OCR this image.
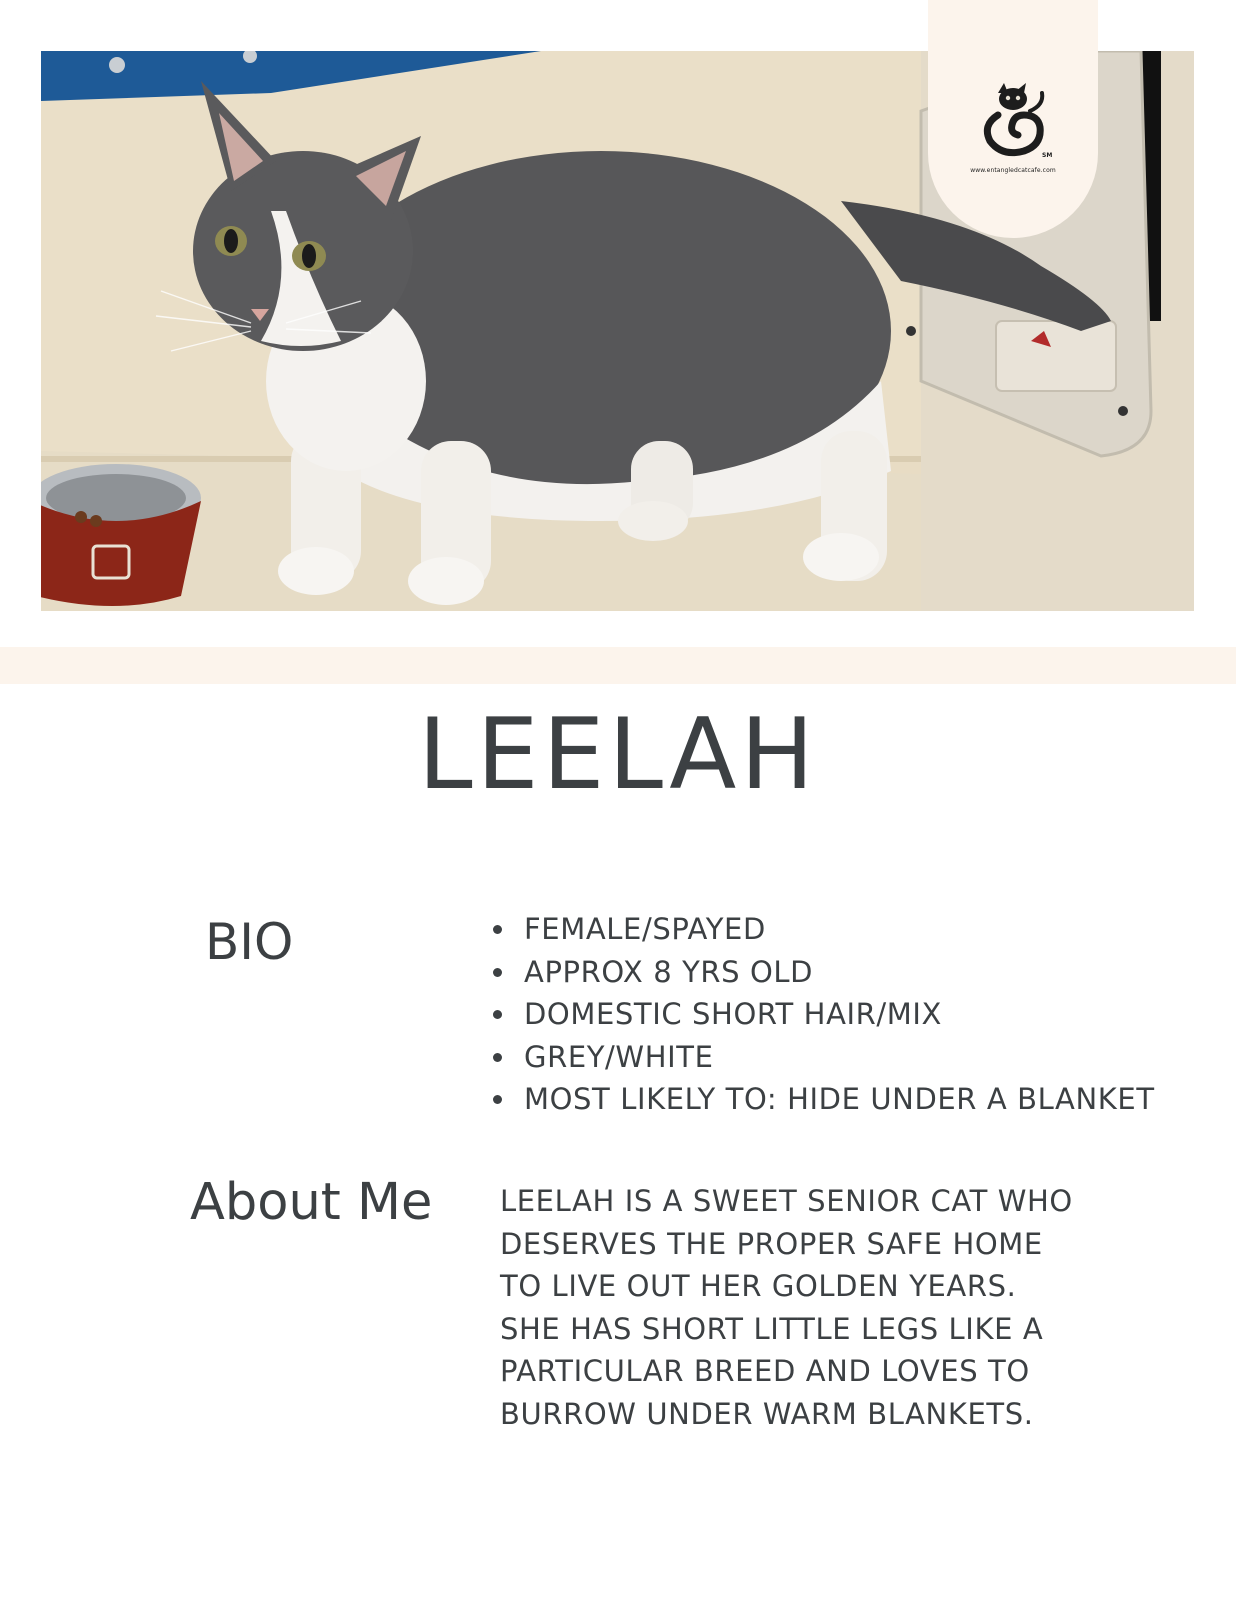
SM
www.entangledcatcafe.com
LEELAH
BIO	FEMALE/SPAYED
APPROX 8 YRS OLD
DOMESTIC SHORT HAIR/MIX
GREY/WHITE
MOST LIKELY TO: HIDE UNDER A BLANKET
About Me LEELAH IS A SWEET SENIOR CAT WHO
DESERVES THE PROPER SAFE HOME
TO LIVE OUT HER GOLDEN YEARS.
SHE HAS SHORT LITTLE LEGS LIKE A
PARTICULAR BREED AND LOVES TO
BURROW UNDER WARM BLANKETS.
